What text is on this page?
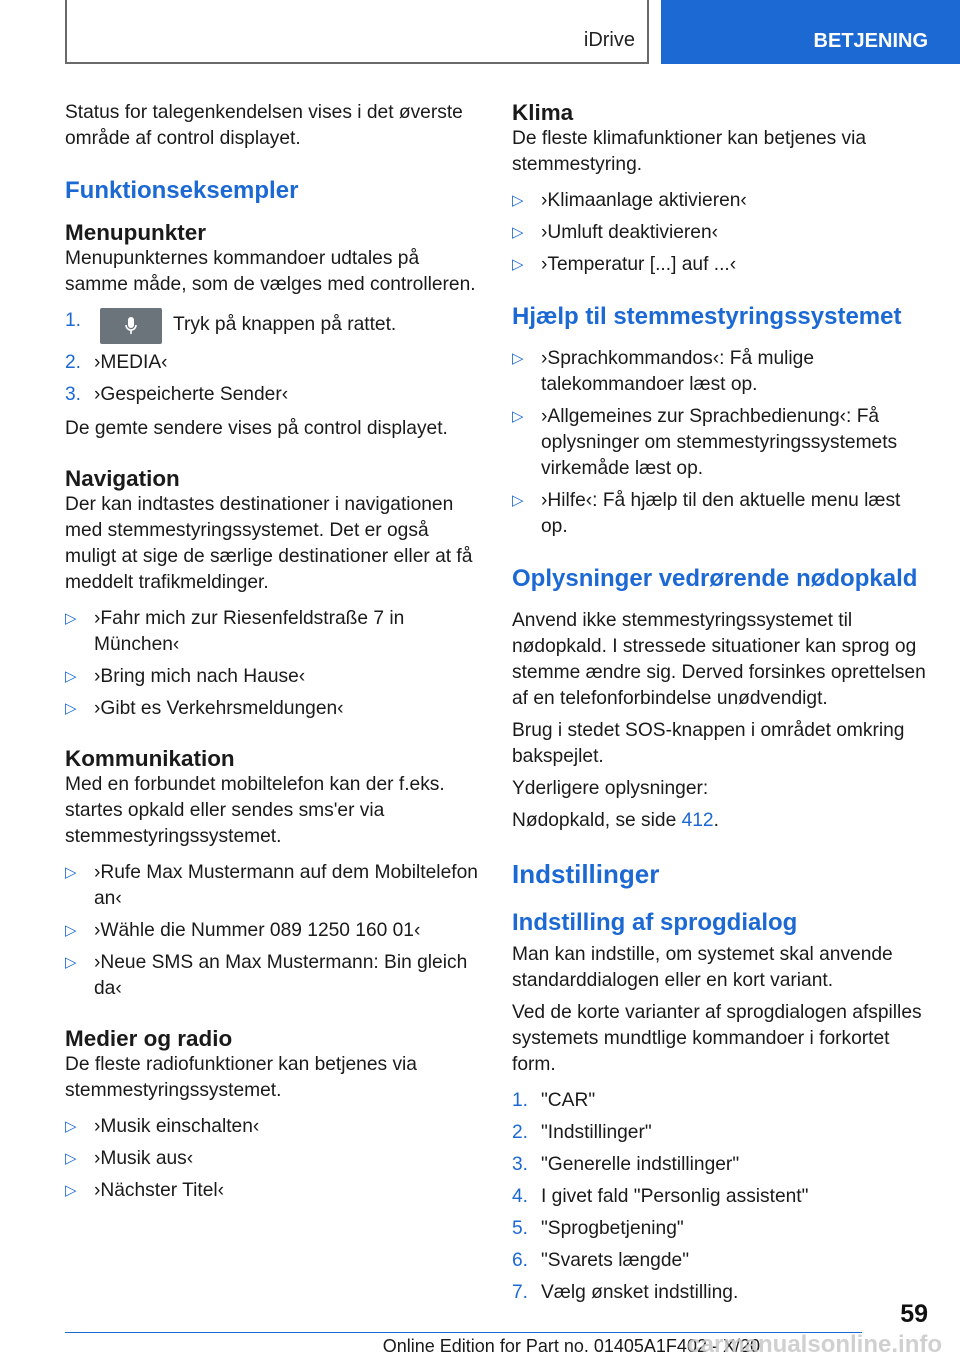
iDrive	BETJENING

Status for talegenkendelsen vises i det øverste område af control displayet.

Funktionseksempler
Menupunkter

Menupunkternes kommandoer udtales på samme måde, som de vælges med controlleren.

1.	Tryk på knappen på rattet.
2. ›MEDIA‹
3. ›Gespeicherte Sender‹

De gemte sendere vises på control displayet.

Navigation

Der kan indtastes destinationer i navigationen med stemmestyringssystemet. Det er også muligt at sige de særlige destinationer eller at få meddelt trafikmeldinger.

▷ ›Fahr mich zur Riesenfeldstraße 7 in München‹
▷ ›Bring mich nach Hause‹
▷ ›Gibt es Verkehrsmeldungen‹
Kommunikation

Med en forbundet mobiltelefon kan der f.eks. startes opkald eller sendes sms'er via stemmestyringssystemet.

▷ ›Rufe Max Mustermann auf dem Mobiltelefon an‹
▷ ›Wähle die Nummer 089 1250 160 01‹
▷ ›Neue SMS an Max Mustermann: Bin gleich da‹
Medier og radio

De fleste radiofunktioner kan betjenes via stemmestyringssystemet.

▷ ›Musik einschalten‹
▷ ›Musik aus‹
▷ ›Nächster Titel‹
Klima

De fleste klimafunktioner kan betjenes via stemmestyring.

▷ ›Klimaanlage aktivieren‹
▷ ›Umluft deaktivieren‹
▷ ›Temperatur [...] auf ...‹
Hjælp til stemmestyringssystemet
▷ ›Sprachkommandos‹: Få mulige talekommandoer læst op.
▷ ›Allgemeines zur Sprachbedienung‹: Få oplysninger om stemmestyringssystemets virkemåde læst op.
▷ ›Hilfe‹: Få hjælp til den aktuelle menu læst op.
Oplysninger vedrørende nødopkald

Anvend ikke stemmestyringssystemet til nødopkald. I stressede situationer kan sprog og stemme ændre sig. Derved forsinkes oprettelsen af en telefonforbindelse unødvendigt.

Brug i stedet SOS-knappen i området omkring bakspejlet.

Yderligere oplysninger:

Nødopkald, se side 412.

Indstillinger
Indstilling af sprogdialog

Man kan indstille, om systemet skal anvende standarddialogen eller en kort variant.

Ved de korte varianter af sprogdialogen afspilles systemets mundtlige kommandoer i forkortet form.

1. "CAR"
2. "Indstillinger"
3. "Generelle indstillinger"
4. I givet fald "Personlig assistent"
5. "Sprogbetjening"
6. "Svarets længde"
7. Vælg ønsket indstilling.
59
Online Edition for Part no. 01405A1F402 - X/20
carmanualsonline.info
